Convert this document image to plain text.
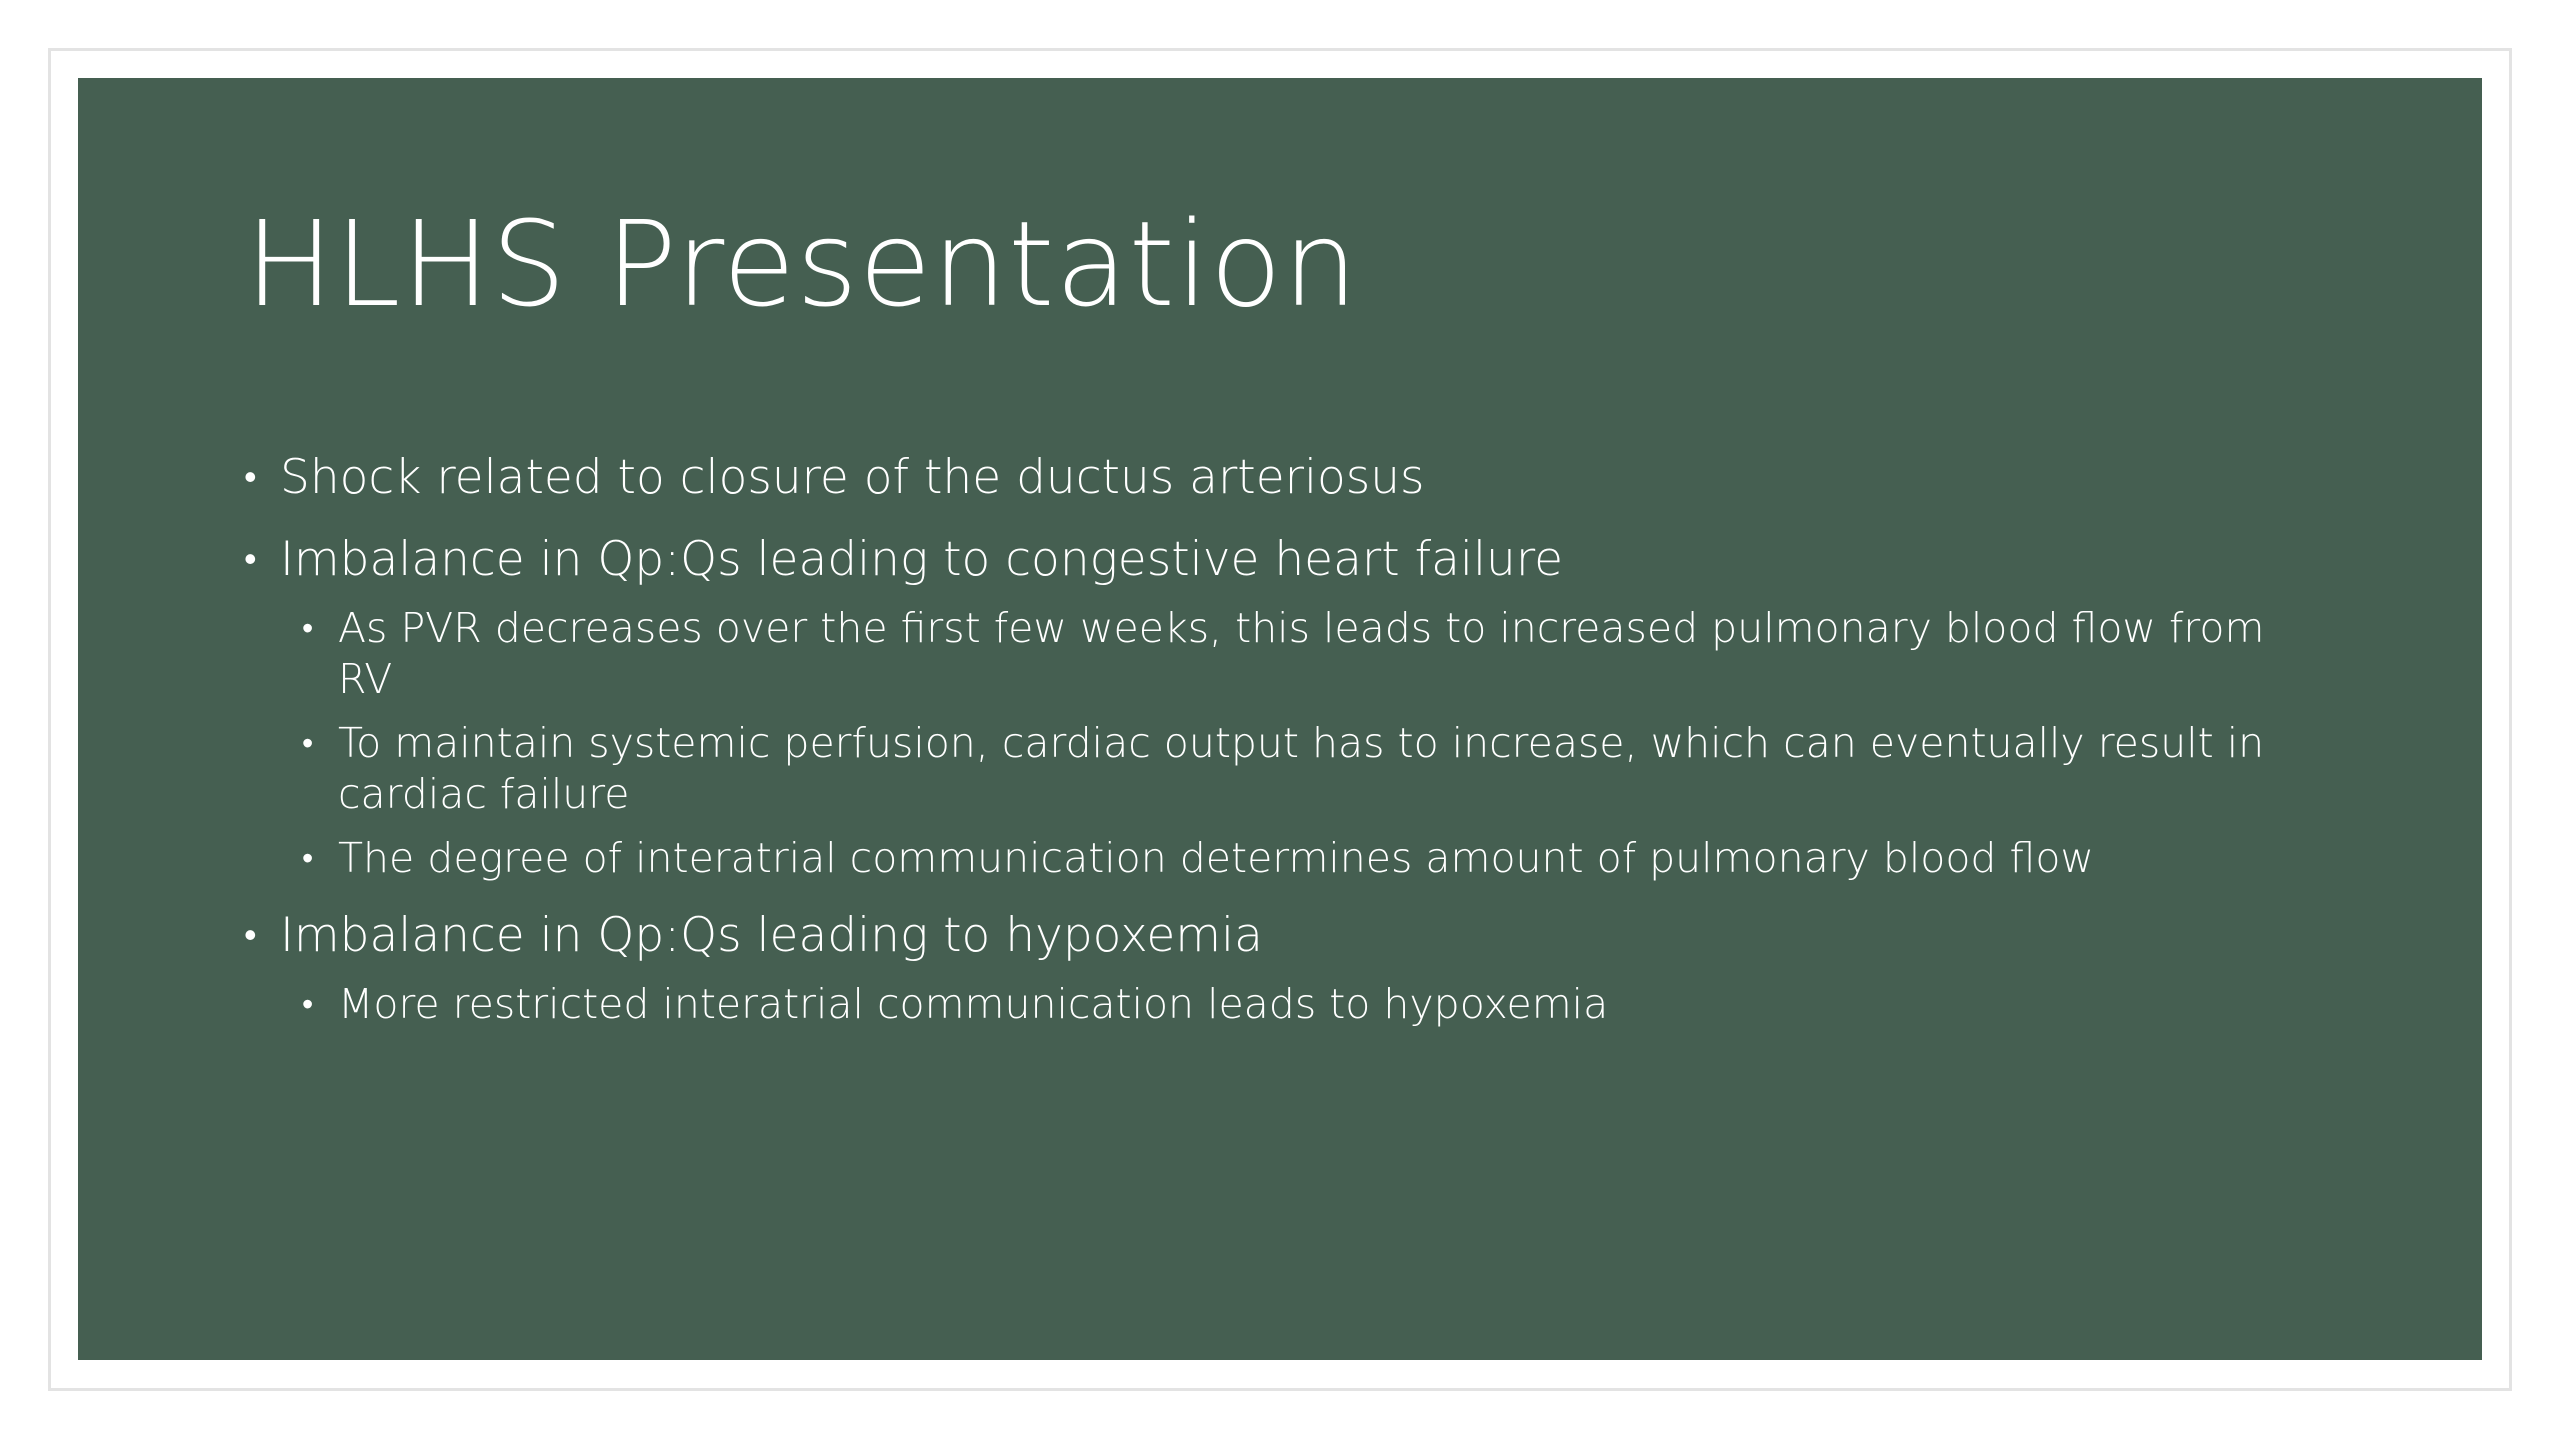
HLHS Presentation
• Shock related to closure of the ductus arteriosus
• Imbalance in Qp:Qs leading to congestive heart failure
• As PVR decreases over the first few weeks, this leads to increased pulmonary blood flow from RV
• To maintain systemic perfusion, cardiac output has to increase, which can eventually result in cardiac failure
• The degree of interatrial communication determines amount of pulmonary blood flow
• Imbalance in Qp:Qs leading to hypoxemia
• More restricted interatrial communication leads to hypoxemia
